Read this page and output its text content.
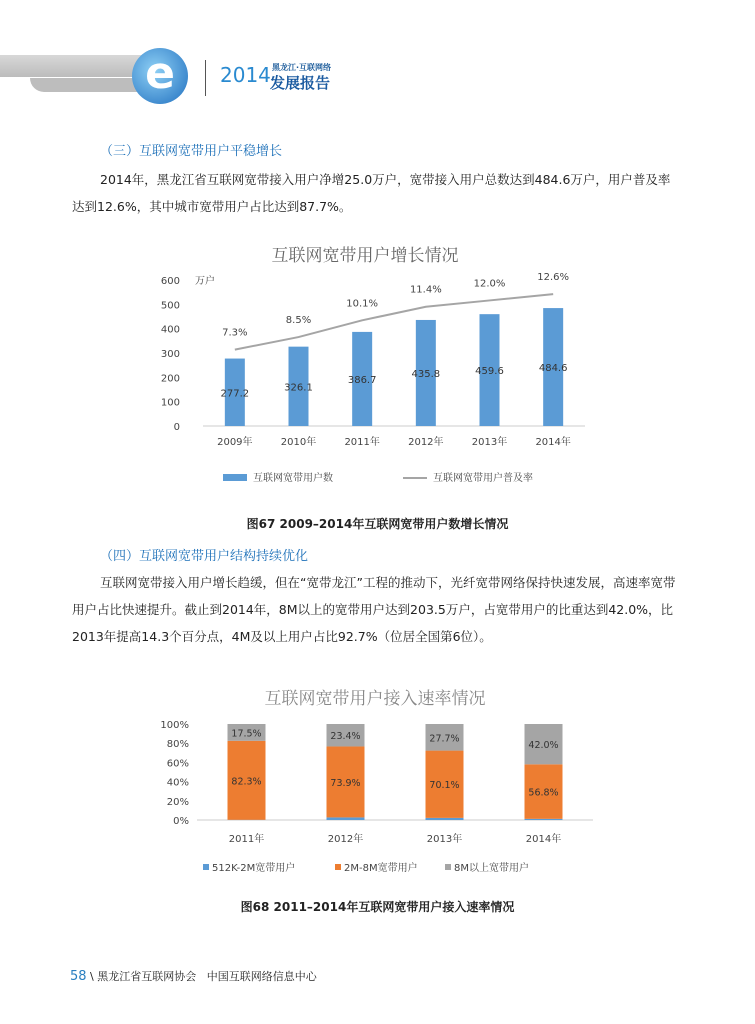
e	2014 黑龙江·互联网络
发展报告
（三）互联网宽带用户平稳增长
2014年，黑龙江省互联网宽带接入用户净增25.0万户，宽带接入用户总数达到484.6万户，用户普及率达到12.6%，其中城市宽带用户占比达到87.7%。
互联网宽带用户增长情况
0
100
200
300
400
500
600 万户
277.2
2009年
7.3%
326.1
2010年
8.5%
386.7
2011年
10.1%
435.8
2012年
11.4%
459.6
2013年
12.0%
484.6
2014年
12.6%
互联网宽带用户数	互联网宽带用户普及率
图67 2009–2014年互联网宽带用户数增长情况
（四）互联网宽带用户结构持续优化
互联网宽带接入用户增长趋缓，但在“宽带龙江”工程的推动下，光纤宽带网络保持快速发展，高速率宽带用户占比快速提升。截止到2014年，8M以上的宽带用户达到203.5万户，占宽带用户的比重达到42.0%，比2013年提高14.3个百分点，4M及以上用户占比92.7%（位居全国第6位）。
互联网宽带用户接入速率情况
0%
20%
40%
60%
80%
100%
82.3%
17.5%
2011年
73.9%
23.4%
2012年
70.1%
27.7%
2013年
56.8%
42.0%
2014年
512K-2M宽带用户	2M-8M宽带用户	8M以上宽带用户
图68 2011–2014年互联网宽带用户接入速率情况
58 \ 黑龙江省互联网协会 中国互联网络信息中心
